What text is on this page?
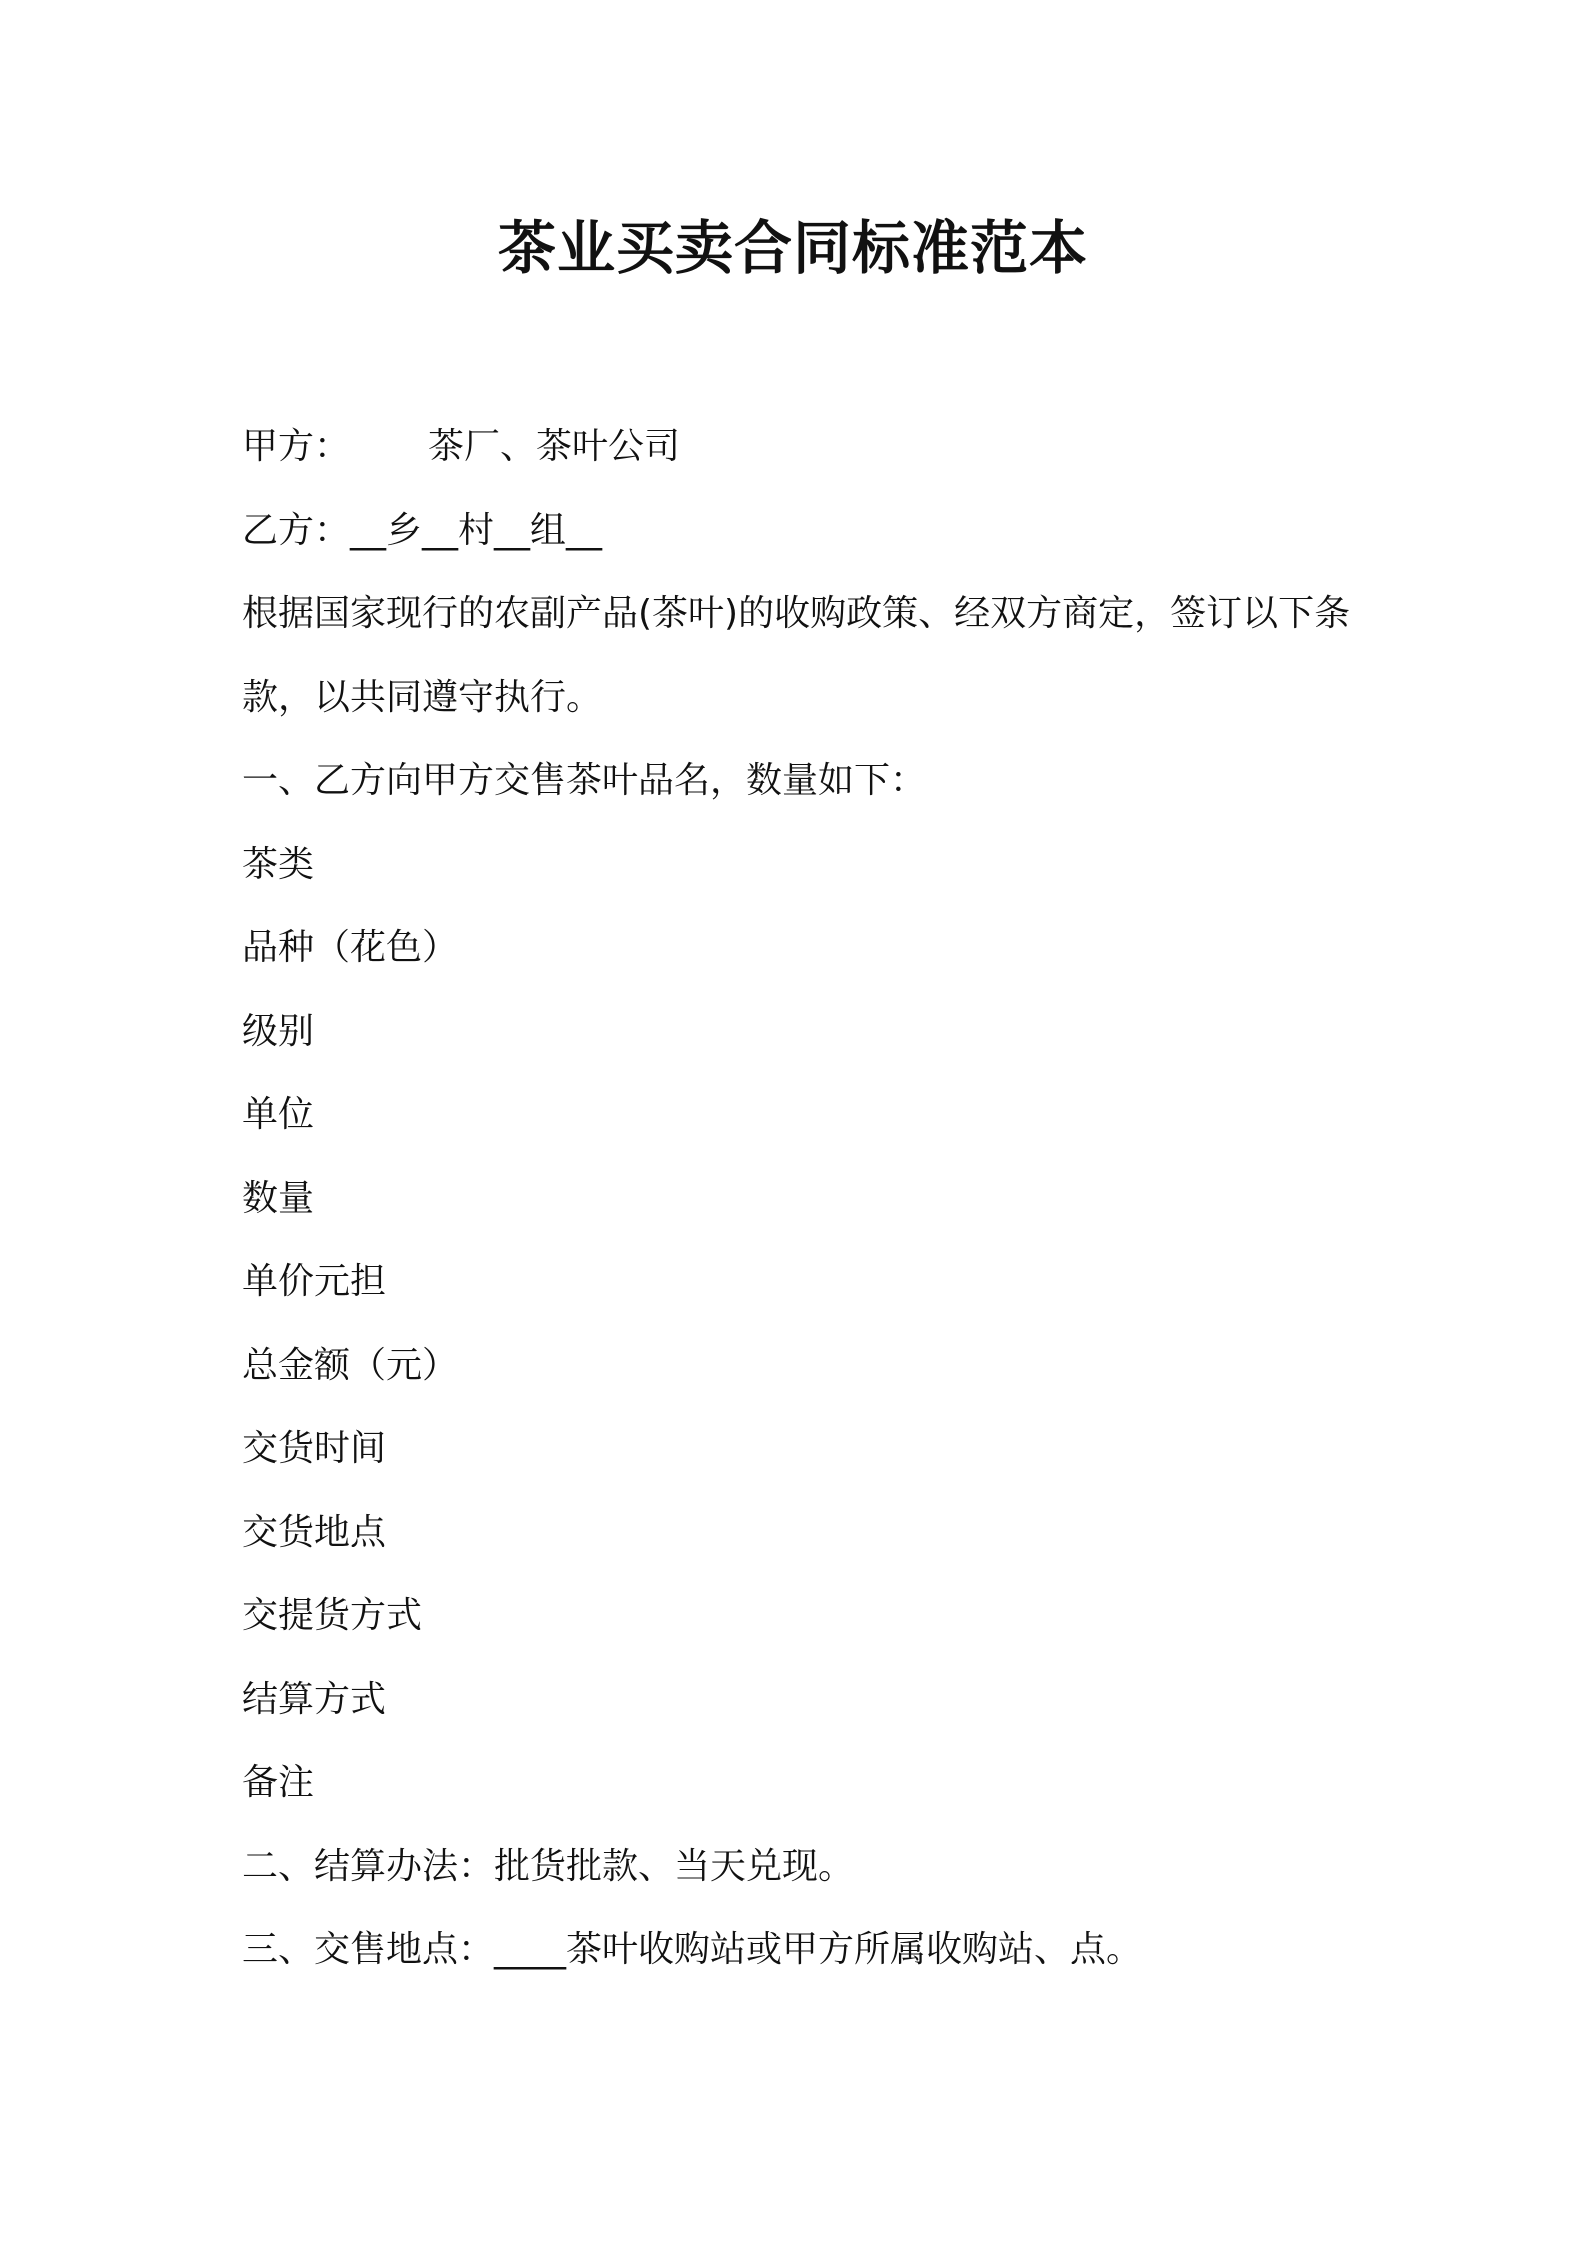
茶业买卖合同标准范本
甲方： 茶厂、茶叶公司
乙方：__乡__村__组__
根据国家现行的农副产品(茶叶)的收购政策、经双方商定，签订以下条款，以共同遵守执行。
一、乙方向甲方交售茶叶品名，数量如下：
茶类
品种（花色）
级别
单位
数量
单价元担
总金额（元）
交货时间
交货地点
交提货方式
结算方式
备注
二、结算办法：批货批款、当天兑现。
三、交售地点：____茶叶收购站或甲方所属收购站、点。
